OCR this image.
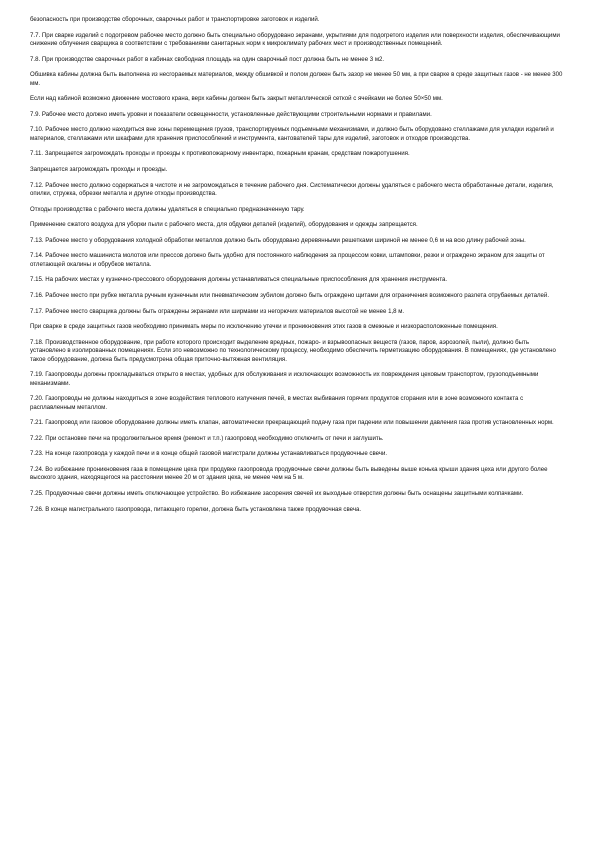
безопасность при производстве сборочных, сварочных работ и транспортировке заготовок и изделий.

7.7. При сварке изделий с подогревом рабочее место должно быть специально оборудовано экранами, укрытиями для подогретого изделия или поверхности изделия, обеспечивающими снижение облучения сварщика в соответствии с требованиями санитарных норм к микроклимату рабочих мест и производственных помещений.

7.8. При производстве сварочных работ в кабинах свободная площадь на один сварочный пост должна быть не менее 3 м2.

Обшивка кабины должна быть выполнена из несгораемых материалов, между обшивкой и полом должен быть зазор не менее 50 мм, а при сварке в среде защитных газов - не менее 300 мм.

Если над кабиной возможно движение мостового крана, верх кабины должен быть закрыт металлической сеткой с ячейками не более 50×50 мм.

7.9. Рабочее место должно иметь уровни и показатели освещенности, установленные действующими строительными нормами и правилами.

7.10. Рабочее место должно находиться вне зоны перемещения грузов, транспортируемых подъемными механизмами, и должно быть оборудовано стеллажами для укладки изделий и материалов, стеллажами или шкафами для хранения приспособлений и инструмента, кантователей тары для изделий, заготовок и отходов производства.

7.11. Запрещается загромождать проходы и проезды к противопожарному инвентарю, пожарным кранам, средствам пожаротушения.

Запрещается загромождать проходы и проезды.

7.12. Рабочее место должно содержаться в чистоте и не загромождаться в течение рабочего дня. Систематически должны удаляться с рабочего места обработанные детали, изделия, опилки, стружка, обрезки металла и другие отходы производства.

Отходы производства с рабочего места должны удаляться в специально предназначенную тару.

Применение сжатого воздуха для уборки пыли с рабочего места, для обдувки деталей (изделий), оборудования и одежды запрещается.

7.13. Рабочее место у оборудования холодной обработки металлов должно быть оборудовано деревянными решетками шириной не менее 0,6 м на всю длину рабочей зоны.

7.14. Рабочее место машиниста молотов или прессов должно быть удобно для постоянного наблюдения за процессом ковки, штамповки, резки и ограждено экраном для защиты от отлетающей окалины и обрубков металла.

7.15. На рабочих местах у кузнечно-прессового оборудования должны устанавливаться специальные приспособления для хранения инструмента.

7.16. Рабочее место при рубке металла ручным кузнечным или пневматическим зубилом должно быть ограждено щитами для ограничения возможного разлета отрубаемых деталей.

7.17. Рабочее место сварщика должны быть ограждены экранами или ширмами из негорючих материалов высотой не менее 1,8 м.

При сварке в среде защитных газов необходимо принимать меры по исключению утечки и проникновения этих газов в смежные и низкорасположенные помещения.

7.18. Производственное оборудование, при работе которого происходит выделение вредных, пожаро- и взрывоопасных веществ (газов, паров, аэрозолей, пыли), должно быть установлено в изолированных помещениях. Если это невозможно по технологическому процессу, необходимо обеспечить герметизацию оборудования. В помещениях, где установлено такое оборудование, должна быть предусмотрена общая приточно-вытяжная вентиляция.

7.19. Газопроводы должны прокладываться открыто в местах, удобных для обслуживания и исключающих возможность их повреждения цеховым транспортом, грузоподъемными механизмами.

7.20. Газопроводы не должны находиться в зоне воздействия теплового излучения печей, в местах выбивания горячих продуктов сгорания или в зоне возможного контакта с расплавленным металлом.

7.21. Газопровод или газовое оборудование должны иметь клапан, автоматически прекращающий подачу газа при падении или повышении давления газа против установленных норм.

7.22. При остановке печи на продолжительное время (ремонт и т.п.) газопровод необходимо отключить от печи и заглушить.

7.23. На конце газопровода у каждой печи и в конце общей газовой магистрали должны устанавливаться продувочные свечи.

7.24. Во избежание проникновения газа в помещение цеха при продувке газопровода продувочные свечи должны быть выведены выше конька крыши здания цеха или другого более высокого здания, находящегося на расстоянии менее 20 м от здания цеха, не менее чем на 5 м.

7.25. Продувочные свечи должны иметь отключающее устройство. Во избежание засорения свечей их выходные отверстия должны быть оснащены защитными колпачками.

7.26. В конце магистрального газопровода, питающего горелки, должна быть установлена также продувочная свеча.
